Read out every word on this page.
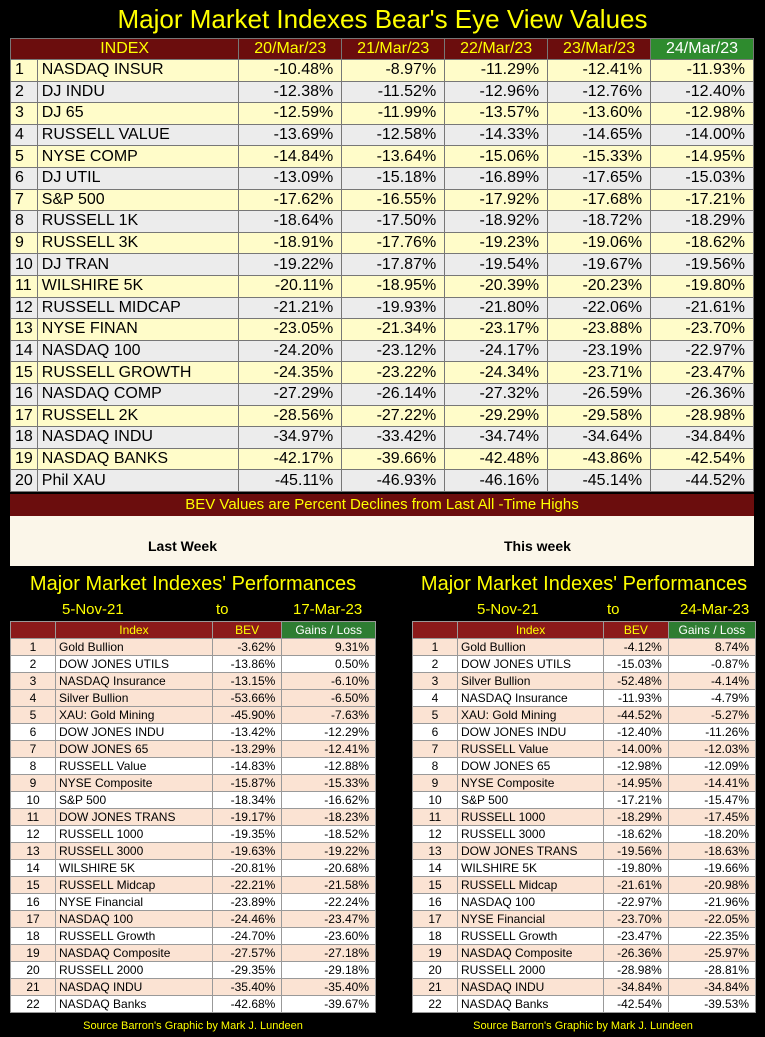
Major Market Indexes Bear's Eye View Values
INDEX		20/Mar/23	21/Mar/23	22/Mar/23	23/Mar/23	24/Mar/23
1	NASDAQ INSUR	-10.48%	-8.97%	-11.29%	-12.41%	-11.93%
2	DJ INDU	-12.38%	-11.52%	-12.96%	-12.76%	-12.40%
3	DJ 65	-12.59%	-11.99%	-13.57%	-13.60%	-12.98%
4	RUSSELL VALUE	-13.69%	-12.58%	-14.33%	-14.65%	-14.00%
5	NYSE COMP	-14.84%	-13.64%	-15.06%	-15.33%	-14.95%
6	DJ UTIL	-13.09%	-15.18%	-16.89%	-17.65%	-15.03%
7	S&P 500	-17.62%	-16.55%	-17.92%	-17.68%	-17.21%
8	RUSSELL 1K	-18.64%	-17.50%	-18.92%	-18.72%	-18.29%
9	RUSSELL 3K	-18.91%	-17.76%	-19.23%	-19.06%	-18.62%
10	DJ TRAN	-19.22%	-17.87%	-19.54%	-19.67%	-19.56%
11	WILSHIRE 5K	-20.11%	-18.95%	-20.39%	-20.23%	-19.80%
12	RUSSELL MIDCAP	-21.21%	-19.93%	-21.80%	-22.06%	-21.61%
13	NYSE FINAN	-23.05%	-21.34%	-23.17%	-23.88%	-23.70%
14	NASDAQ 100	-24.20%	-23.12%	-24.17%	-23.19%	-22.97%
15	RUSSELL GROWTH	-24.35%	-23.22%	-24.34%	-23.71%	-23.47%
16	NASDAQ COMP	-27.29%	-26.14%	-27.32%	-26.59%	-26.36%
17	RUSSELL 2K	-28.56%	-27.22%	-29.29%	-29.58%	-28.98%
18	NASDAQ INDU	-34.97%	-33.42%	-34.74%	-34.64%	-34.84%
19	NASDAQ BANKS	-42.17%	-39.66%	-42.48%	-43.86%	-42.54%
20	Phil XAU	-45.11%	-46.93%	-46.16%	-45.14%	-44.52%
BEV Values are Percent Declines from Last All -Time Highs
Last Week	This week
Major Market Indexes' Performances
5-Nov-21	to	17-Mar-23
	Index	BEV	Gains / Loss
1	Gold Bullion	-3.62%	9.31%
2	DOW JONES UTILS	-13.86%	0.50%
3	NASDAQ Insurance	-13.15%	-6.10%
4	Silver Bullion	-53.66%	-6.50%
5	XAU: Gold Mining	-45.90%	-7.63%
6	DOW JONES INDU	-13.42%	-12.29%
7	DOW JONES 65	-13.29%	-12.41%
8	RUSSELL Value	-14.83%	-12.88%
9	NYSE Composite	-15.87%	-15.33%
10	S&P 500	-18.34%	-16.62%
11	DOW JONES TRANS	-19.17%	-18.23%
12	RUSSELL 1000	-19.35%	-18.52%
13	RUSSELL 3000	-19.63%	-19.22%
14	WILSHIRE 5K	-20.81%	-20.68%
15	RUSSELL Midcap	-22.21%	-21.58%
16	NYSE Financial	-23.89%	-22.24%
17	NASDAQ 100	-24.46%	-23.47%
18	RUSSELL Growth	-24.70%	-23.60%
19	NASDAQ Composite	-27.57%	-27.18%
20	RUSSELL 2000	-29.35%	-29.18%
21	NASDAQ INDU	-35.40%	-35.40%
22	NASDAQ Banks	-42.68%	-39.67%
Source Barron's Graphic by Mark J. Lundeen
Major Market Indexes' Performances
5-Nov-21	to	24-Mar-23
	Index	BEV	Gains / Loss
1	Gold Bullion	-4.12%	8.74%
2	DOW JONES UTILS	-15.03%	-0.87%
3	Silver Bullion	-52.48%	-4.14%
4	NASDAQ Insurance	-11.93%	-4.79%
5	XAU: Gold Mining	-44.52%	-5.27%
6	DOW JONES INDU	-12.40%	-11.26%
7	RUSSELL Value	-14.00%	-12.03%
8	DOW JONES 65	-12.98%	-12.09%
9	NYSE Composite	-14.95%	-14.41%
10	S&P 500	-17.21%	-15.47%
11	RUSSELL 1000	-18.29%	-17.45%
12	RUSSELL 3000	-18.62%	-18.20%
13	DOW JONES TRANS	-19.56%	-18.63%
14	WILSHIRE 5K	-19.80%	-19.66%
15	RUSSELL Midcap	-21.61%	-20.98%
16	NASDAQ 100	-22.97%	-21.96%
17	NYSE Financial	-23.70%	-22.05%
18	RUSSELL Growth	-23.47%	-22.35%
19	NASDAQ Composite	-26.36%	-25.97%
20	RUSSELL 2000	-28.98%	-28.81%
21	NASDAQ INDU	-34.84%	-34.84%
22	NASDAQ Banks	-42.54%	-39.53%
Source Barron's Graphic by Mark J. Lundeen
